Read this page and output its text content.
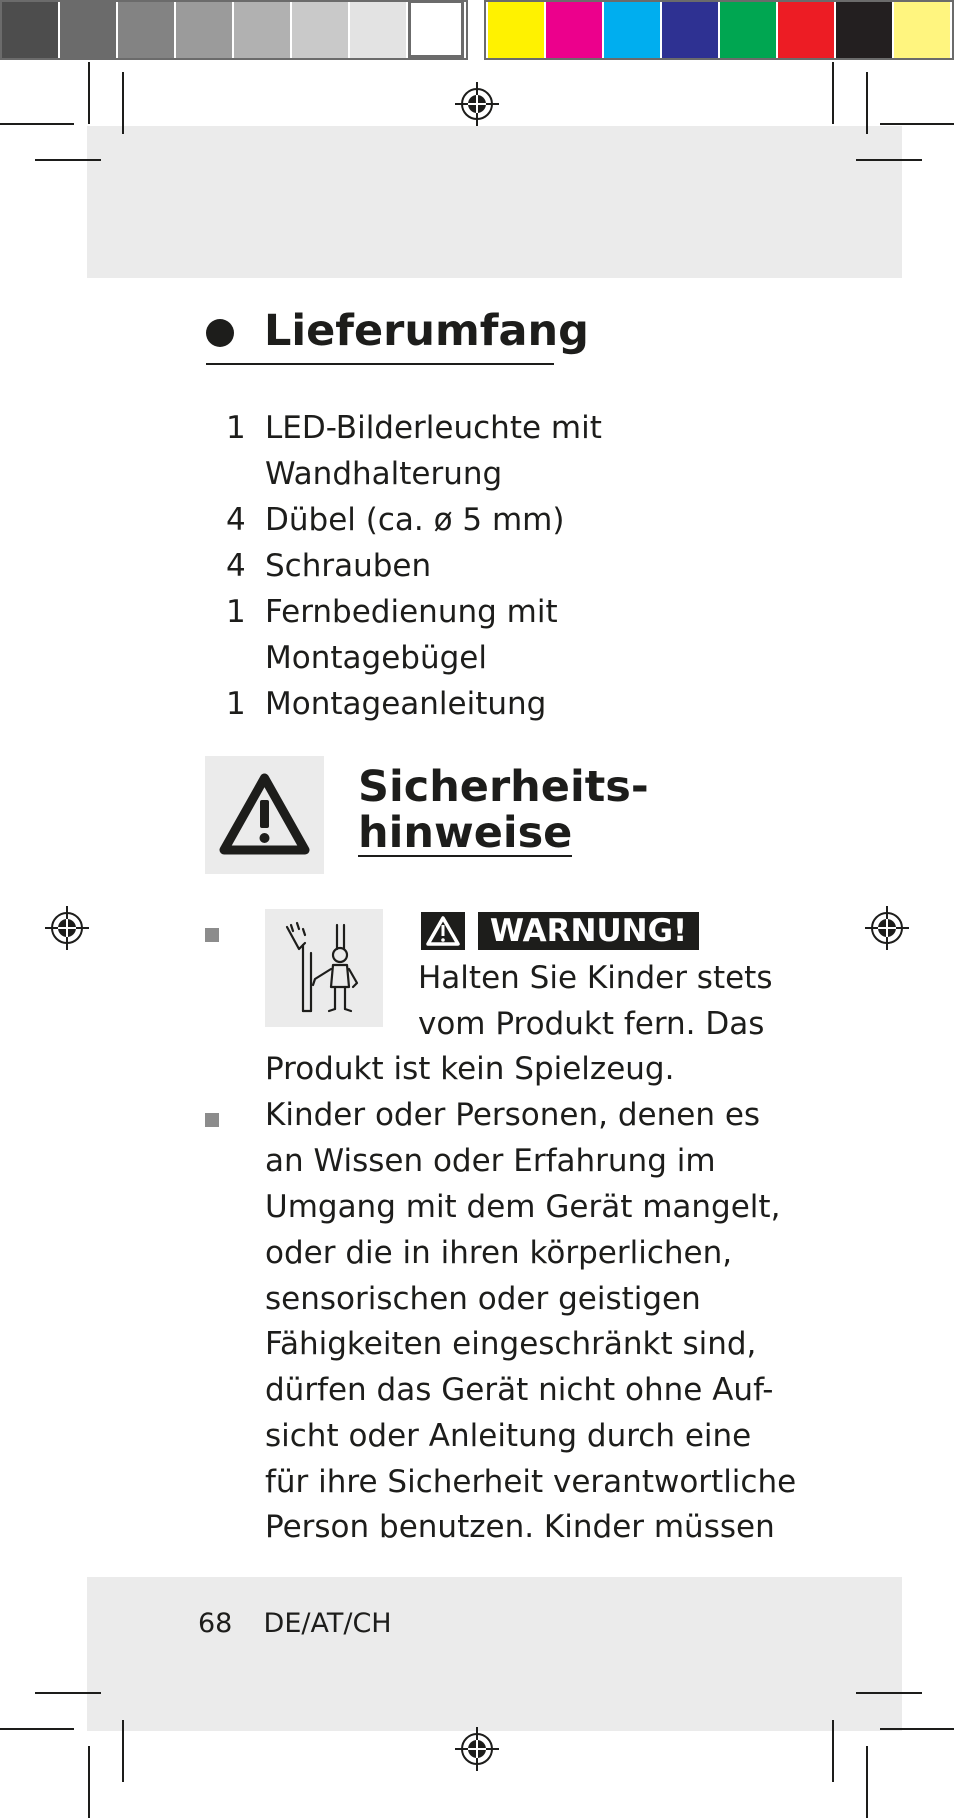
Lieferumfang
1 LED-Bilderleuchte mit
Wandhalterung
4 Dübel (ca. ø 5 mm)
4 Schrauben
1 Fernbedienung mit Montagebügel
1 Montageanleitung
Sicherheits-
hinweise
WARNUNG!
Halten Sie Kinder stets
vom Produkt fern. Das
Produkt ist kein Spielzeug.
Kinder oder Personen, denen es
an Wissen oder Erfahrung im
Umgang mit dem Gerät mangelt,
oder die in ihren körperlichen,
sensorischen oder geistigen
Fähigkeiten eingeschränkt sind,
dürfen das Gerät nicht ohne Auf-
sicht oder Anleitung durch eine
für ihre Sicherheit verantwortliche
Person benutzen. Kinder müssen
68 DE/AT/CH
